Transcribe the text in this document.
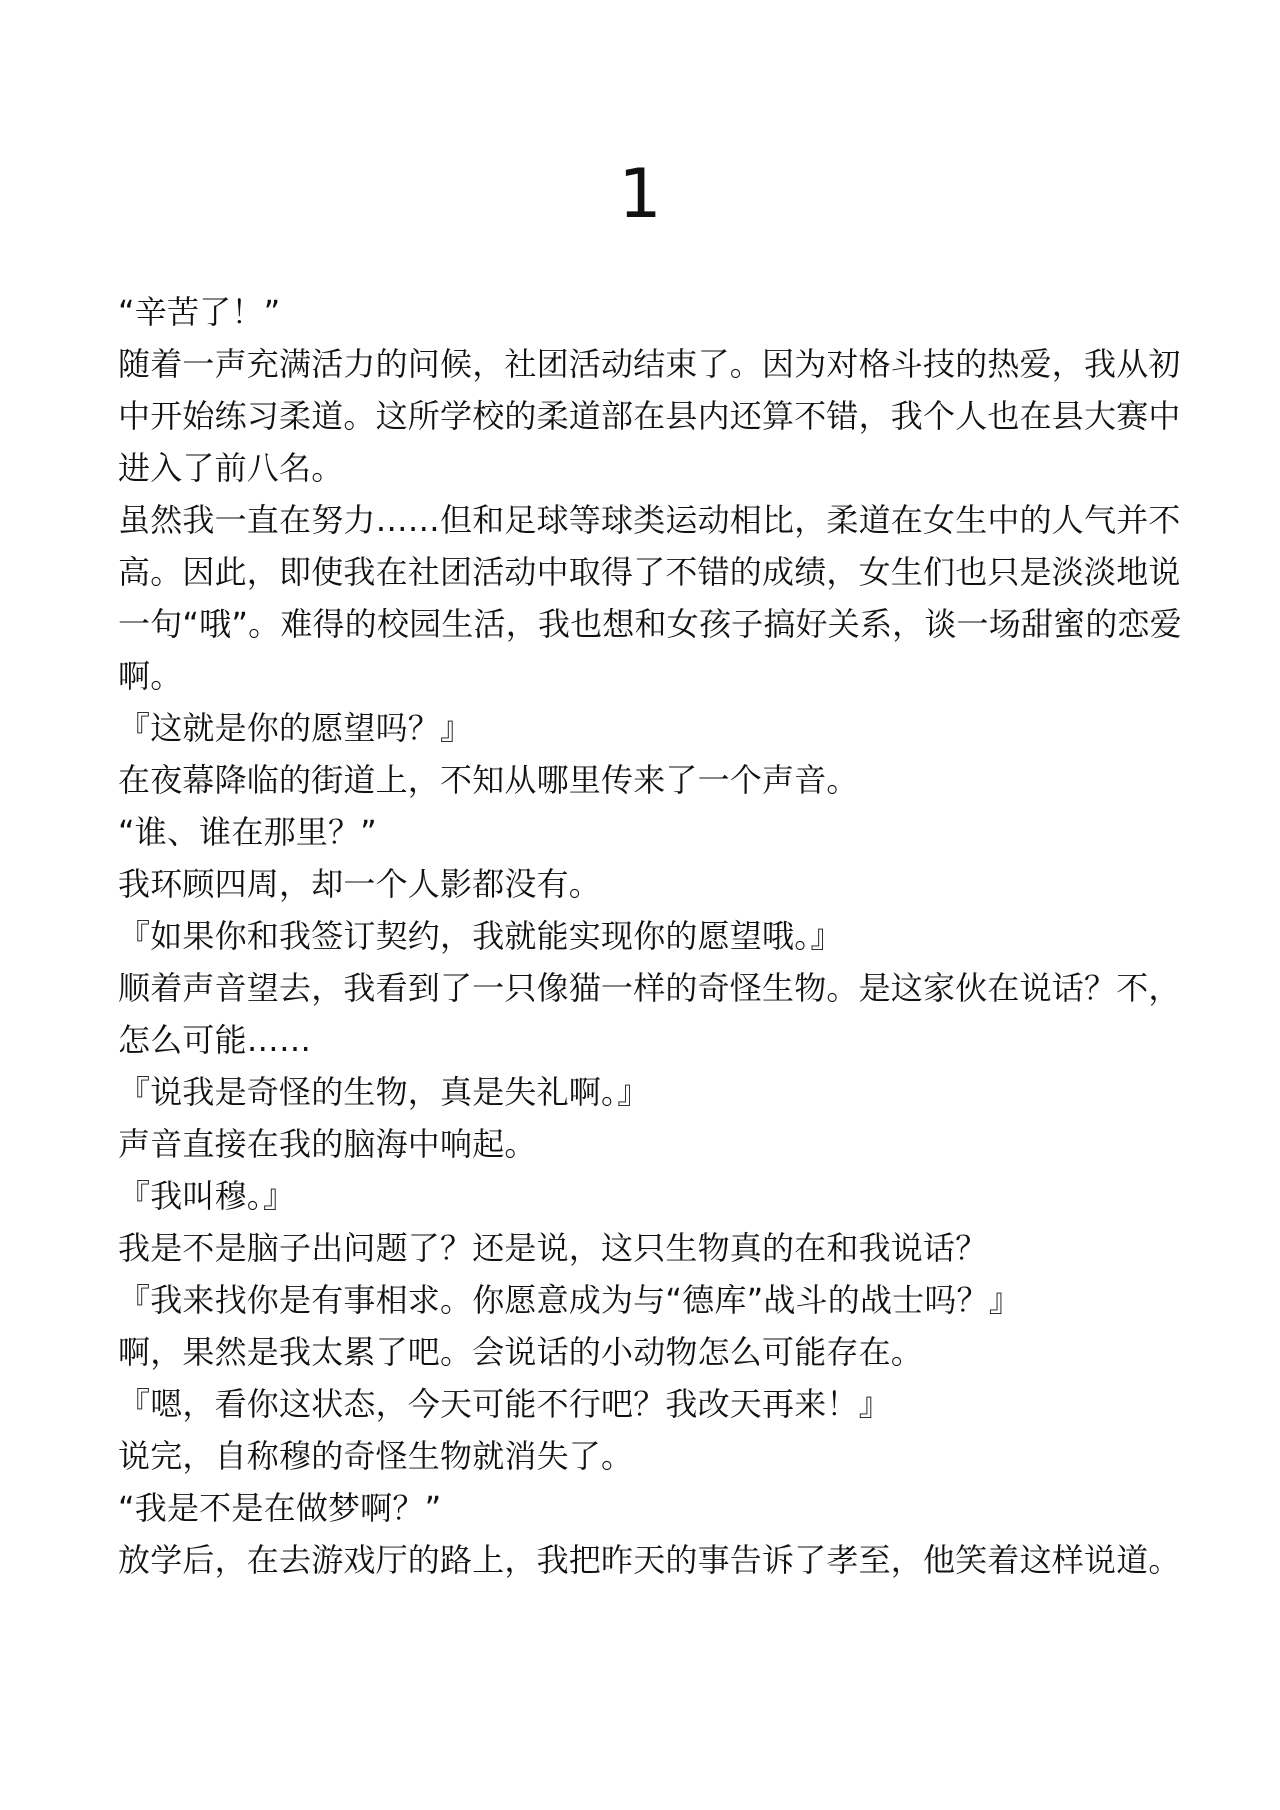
1

“辛苦了！”

随着一声充满活力的问候，社团活动结束了。因为对格斗技的热爱，我从初中开始练习柔道。这所学校的柔道部在县内还算不错，我个人也在县大赛中进入了前八名。

虽然我一直在努力……但和足球等球类运动相比，柔道在女生中的人气并不高。因此，即使我在社团活动中取得了不错的成绩，女生们也只是淡淡地说一句“哦”。难得的校园生活，我也想和女孩子搞好关系，谈一场甜蜜的恋爱啊。

『这就是你的愿望吗？』

在夜幕降临的街道上，不知从哪里传来了一个声音。

“谁、谁在那里？”

我环顾四周，却一个人影都没有。

『如果你和我签订契约，我就能实现你的愿望哦。』

顺着声音望去，我看到了一只像猫一样的奇怪生物。是这家伙在说话？不，怎么可能……

『说我是奇怪的生物，真是失礼啊。』

声音直接在我的脑海中响起。

『我叫穆。』

我是不是脑子出问题了？还是说，这只生物真的在和我说话？

『我来找你是有事相求。你愿意成为与“德库”战斗的战士吗？』

啊，果然是我太累了吧。会说话的小动物怎么可能存在。

『嗯，看你这状态，今天可能不行吧？我改天再来！』

说完，自称穆的奇怪生物就消失了。

“我是不是在做梦啊？”

放学后，在去游戏厅的路上，我把昨天的事告诉了孝至，他笑着这样说道。
